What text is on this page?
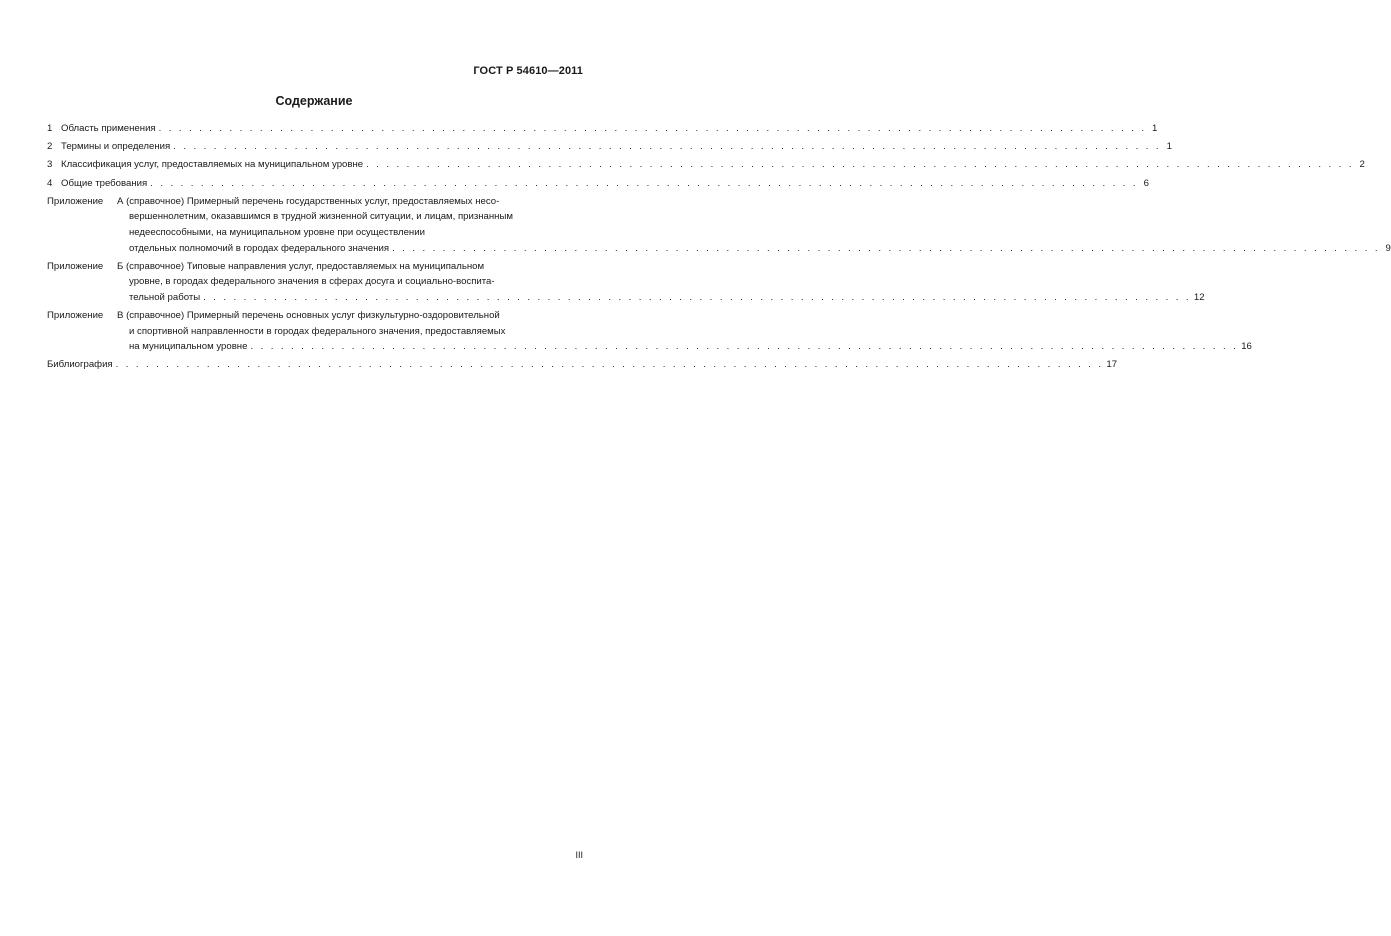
ГОСТ Р 54610—2011
Содержание
1 Область применения . . .	1
2 Термины и определения . . .	1
3 Классификация услуг, предоставляемых на муниципальном уровне . . .	2
4 Общие требования . . .	6
Приложение	А (справочное) Примерный перечень государственных услуг, предоставляемых несо-
вершеннолетним, оказавшимся в трудной жизненной ситуации, и лицам, признанным
недееспособными, на муниципальном уровне при осуществлении
отдельных полномочий в городах федерального значения . . .	9
Приложение	Б (справочное) Типовые направления услуг, предоставляемых на муниципальном
уровне, в городах федерального значения в сферах досуга и социально-воспита-
тельной работы . . .	12
Приложение	В (справочное) Примерный перечень основных услуг физкультурно-оздоровительной
и спортивной направленности в городах федерального значения, предоставляемых
на муниципальном уровне . . .	16
Библиография . . .	17
III
